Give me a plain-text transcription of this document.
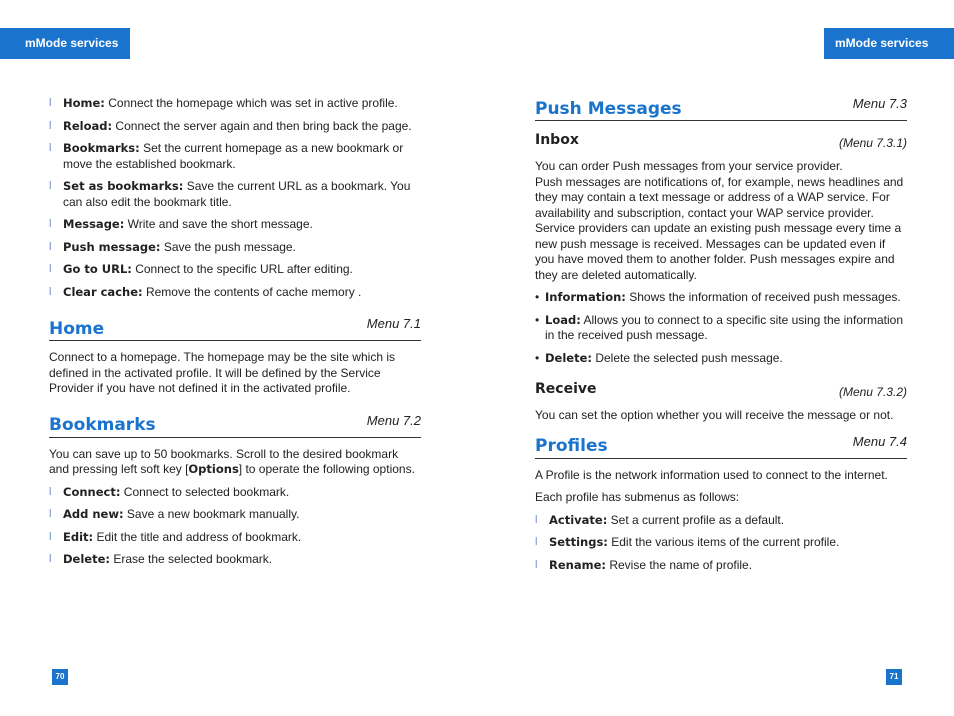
mMode services	mMode services
l Home: Connect the homepage which was set in active profile.
l Reload: Connect the server again and then bring back the page.
l Bookmarks: Set the current homepage as a new bookmark or move the established bookmark.
l Set as bookmarks: Save the current URL as a bookmark. You can also edit the bookmark title.
l Message: Write and save the short message.
l Push message: Save the push message.
l Go to URL: Connect to the specific URL after editing.
l Clear cache: Remove the contents of cache memory .
Home	Menu 7.1

Connect to a homepage. The homepage may be the site which is defined in the activated profile. It will be defined by the Service Provider if you have not defined it in the activated profile.

Bookmarks	Menu 7.2

You can save up to 50 bookmarks. Scroll to the desired bookmark and pressing left soft key [Options] to operate the following options.

l Connect: Connect to selected bookmark.
l Add new: Save a new bookmark manually.
l Edit: Edit the title and address of bookmark.
l Delete: Erase the selected bookmark.
Push Messages	Menu 7.3
Inbox	(Menu 7.3.1)
You can order Push messages from your service provider.
Push messages are notifications of, for example, news headlines and they may contain a text message or address of a WAP service. For availability and subscription, contact your WAP service provider.
Service providers can update an existing push message every time a new push message is received. Messages can be updated even if you have moved them to another folder. Push messages expire and they are deleted automatically.
• Information: Shows the information of received push messages.
• Load: Allows you to connect to a specific site using the information in the received push message.
• Delete: Delete the selected push message.
Receive	(Menu 7.3.2)

You can set the option whether you will receive the message or not.

Profiles	Menu 7.4

A Profile is the network information used to connect to the internet.

Each profile has submenus as follows:

l Activate: Set a current profile as a default.
l Settings: Edit the various items of the current profile.
l Rename: Revise the name of profile.
70	71
